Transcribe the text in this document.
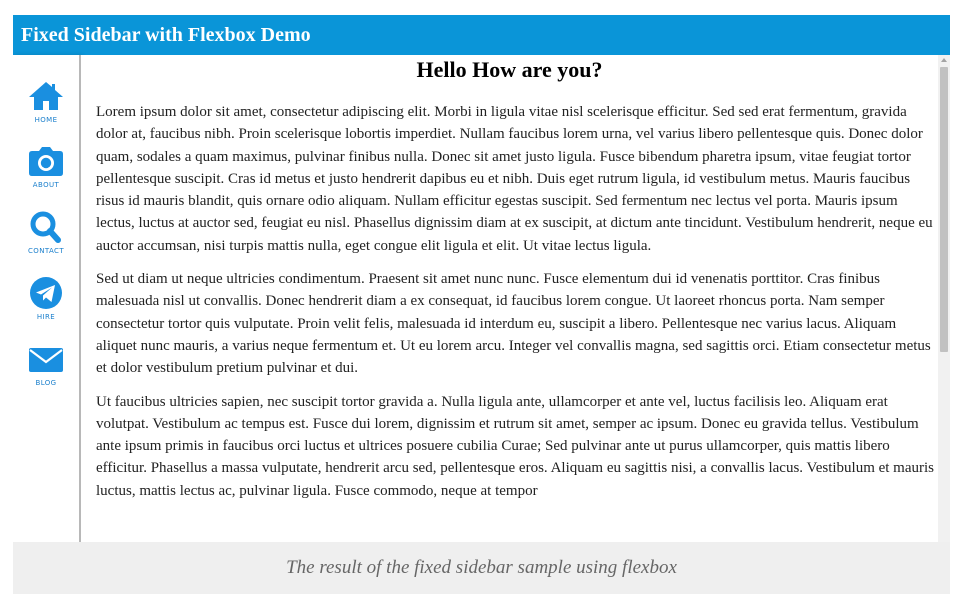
Fixed Sidebar with Flexbox Demo
HOME
ABOUT
CONTACT
HIRE
BLOG
Hello How are you?

Lorem ipsum dolor sit amet, consectetur adipiscing elit. Morbi in ligula vitae nisl scelerisque efficitur. Sed sed erat fermentum, gravida dolor at, faucibus nibh. Proin scelerisque lobortis imperdiet. Nullam faucibus lorem urna, vel varius libero pellentesque quis. Donec dolor quam, sodales a quam maximus, pulvinar finibus nulla. Donec sit amet justo ligula. Fusce bibendum pharetra ipsum, vitae feugiat tortor pellentesque suscipit. Cras id metus et justo hendrerit dapibus eu et nibh. Duis eget rutrum ligula, id vestibulum metus. Mauris faucibus risus id mauris blandit, quis ornare odio aliquam. Nullam efficitur egestas suscipit. Sed fermentum nec lectus vel porta. Mauris ipsum lectus, luctus at auctor sed, feugiat eu nisl. Phasellus dignissim diam at ex suscipit, at dictum ante tincidunt. Vestibulum hendrerit, neque eu auctor accumsan, nisi turpis mattis nulla, eget congue elit ligula et elit. Ut vitae lectus ligula.

Sed ut diam ut neque ultricies condimentum. Praesent sit amet nunc nunc. Fusce elementum dui id venenatis porttitor. Cras finibus malesuada nisl ut convallis. Donec hendrerit diam a ex consequat, id faucibus lorem congue. Ut laoreet rhoncus porta. Nam semper consectetur tortor quis vulputate. Proin velit felis, malesuada id interdum eu, suscipit a libero. Pellentesque nec varius lacus. Aliquam aliquet nunc mauris, a varius neque fermentum et. Ut eu lorem arcu. Integer vel convallis magna, sed sagittis orci. Etiam consectetur metus et dolor vestibulum pretium pulvinar et dui.

Ut faucibus ultricies sapien, nec suscipit tortor gravida a. Nulla ligula ante, ullamcorper et ante vel, luctus facilisis leo. Aliquam erat volutpat. Vestibulum ac tempus est. Fusce dui lorem, dignissim et rutrum sit amet, semper ac ipsum. Donec eu gravida tellus. Vestibulum ante ipsum primis in faucibus orci luctus et ultrices posuere cubilia Curae; Sed pulvinar ante ut purus ullamcorper, quis mattis libero efficitur. Phasellus a massa vulputate, hendrerit arcu sed, pellentesque eros. Aliquam eu sagittis nisi, a convallis lacus. Vestibulum et mauris luctus, mattis lectus ac, pulvinar ligula. Fusce commodo, neque at tempor

The result of the fixed sidebar sample using flexbox
